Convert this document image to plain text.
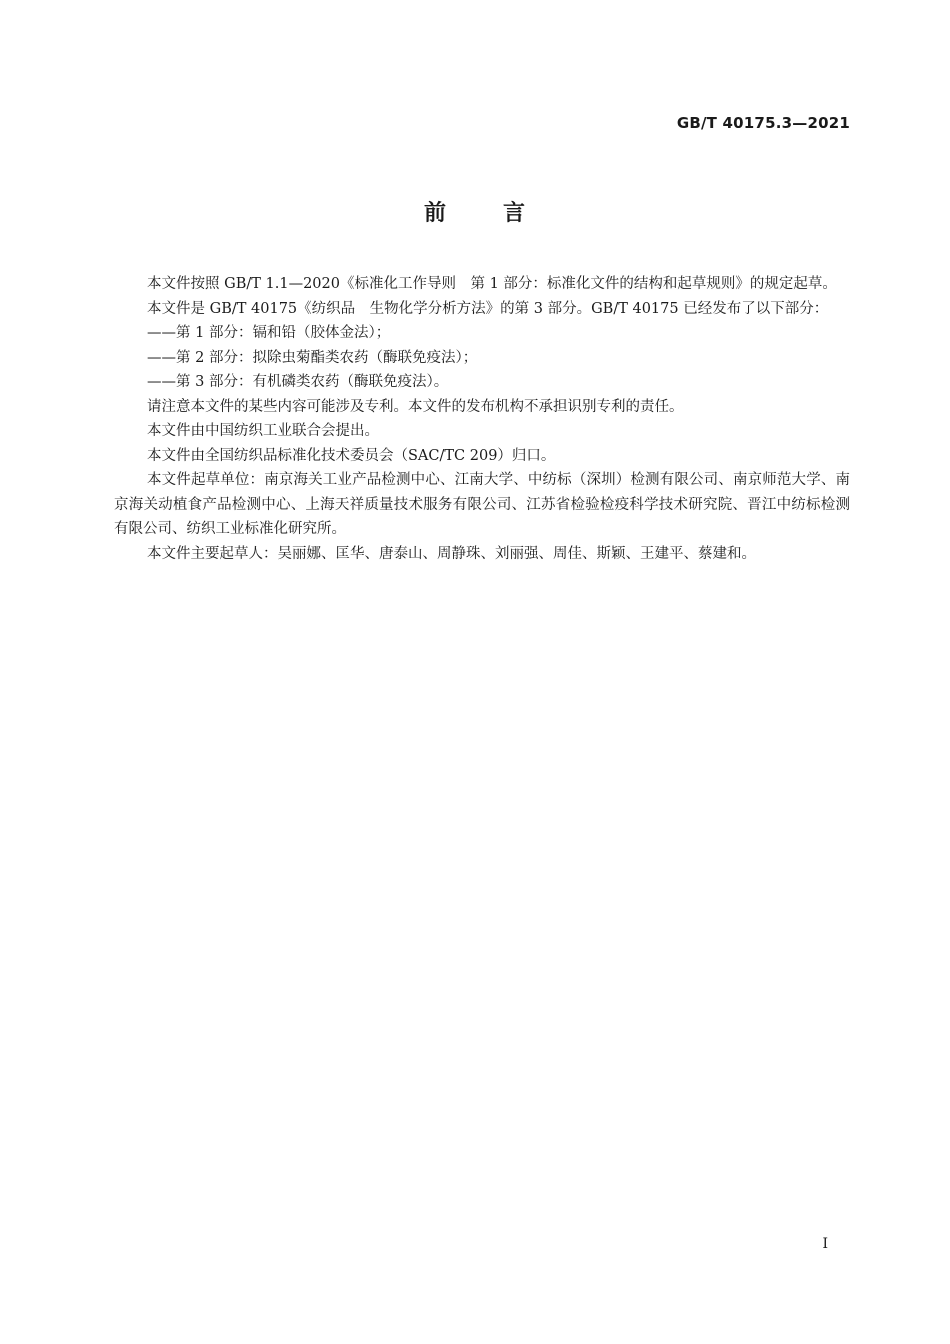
GB/T 40175.3—2021
前	言

本文件按照 GB/T 1.1—2020《标准化工作导则　第 1 部分：标准化文件的结构和起草规则》的规定起草。

本文件是 GB/T 40175《纺织品　生物化学分析方法》的第 3 部分。GB/T 40175 已经发布了以下部分：

——第 1 部分：镉和铅（胶体金法）；

——第 2 部分：拟除虫菊酯类农药（酶联免疫法）；

——第 3 部分：有机磷类农药（酶联免疫法）。

请注意本文件的某些内容可能涉及专利。本文件的发布机构不承担识别专利的责任。

本文件由中国纺织工业联合会提出。

本文件由全国纺织品标准化技术委员会（SAC/TC 209）归口。

本文件起草单位：南京海关工业产品检测中心、江南大学、中纺标（深圳）检测有限公司、南京师范大学、南京海关动植食产品检测中心、上海天祥质量技术服务有限公司、江苏省检验检疫科学技术研究院、晋江中纺标检测有限公司、纺织工业标准化研究所。

本文件主要起草人：吴丽娜、匡华、唐泰山、周静珠、刘丽强、周佳、斯颖、王建平、蔡建和。

I
